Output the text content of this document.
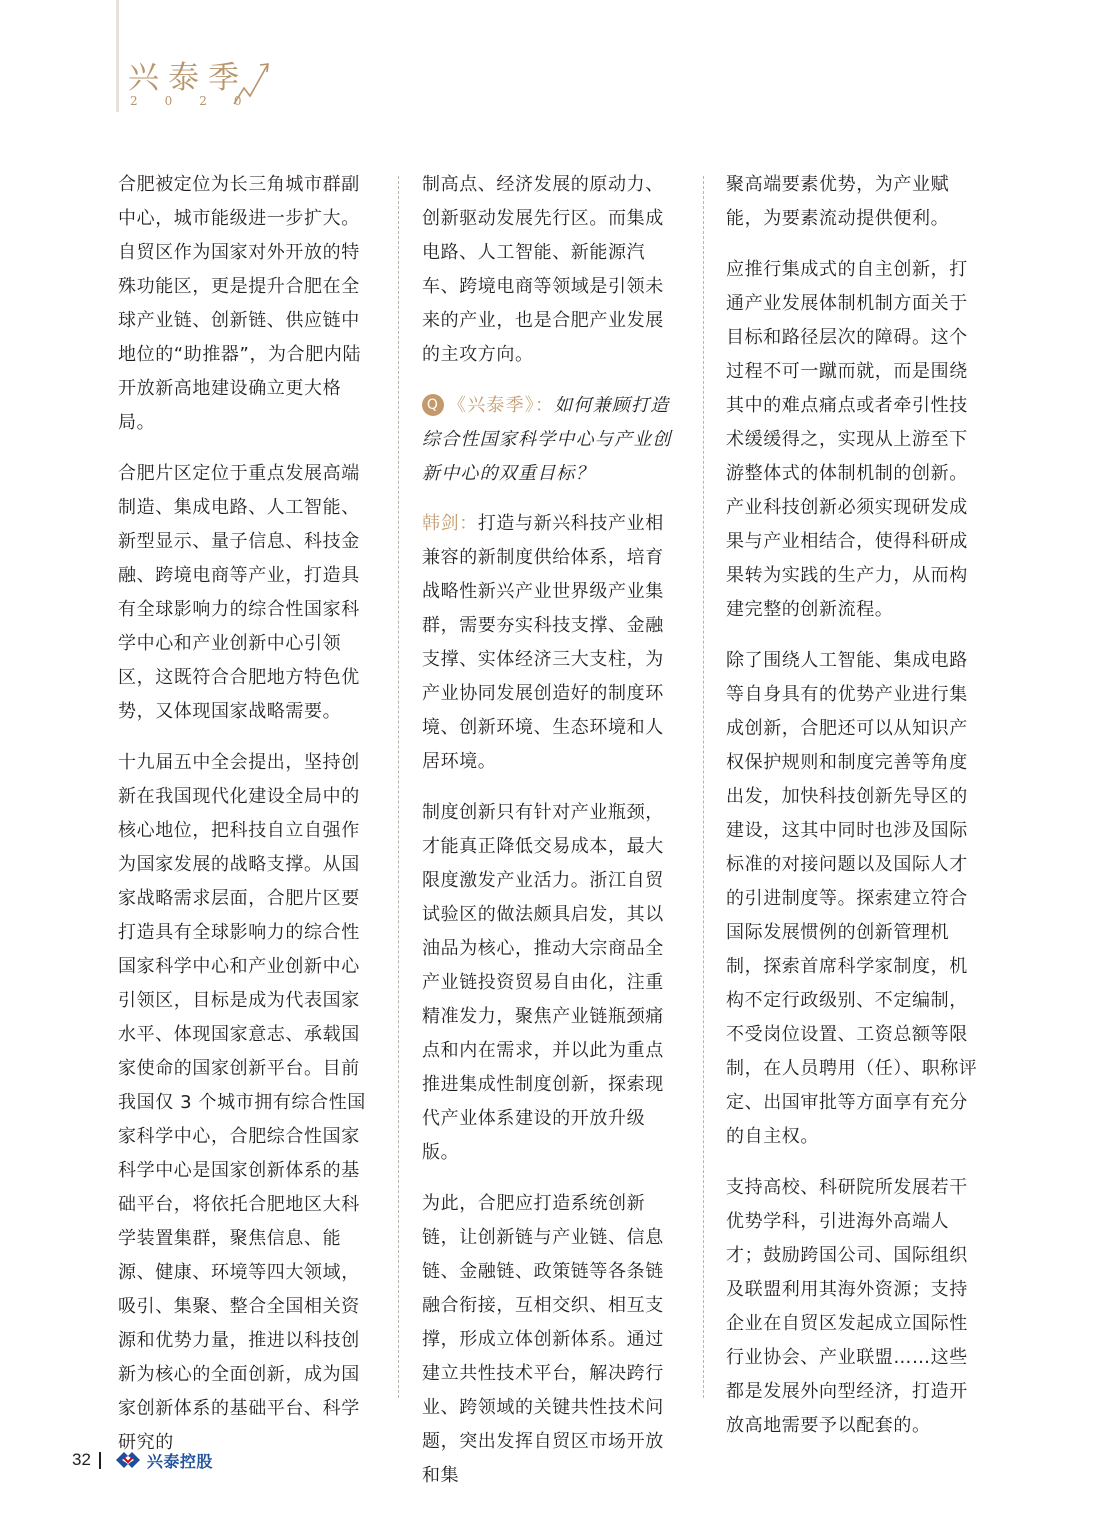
兴泰季
2020

合肥被定位为长三角城市群副中心，城市能级进一步扩大。自贸区作为国家对外开放的特殊功能区，更是提升合肥在全球产业链、创新链、供应链中地位的“助推器”，为合肥内陆开放新高地建设确立更大格局。

合肥片区定位于重点发展高端制造、集成电路、人工智能、新型显示、量子信息、科技金融、跨境电商等产业，打造具有全球影响力的综合性国家科学中心和产业创新中心引领区，这既符合合肥地方特色优势，又体现国家战略需要。

十九届五中全会提出，坚持创新在我国现代化建设全局中的核心地位，把科技自立自强作为国家发展的战略支撑。从国家战略需求层面，合肥片区要打造具有全球影响力的综合性国家科学中心和产业创新中心引领区，目标是成为代表国家水平、体现国家意志、承载国家使命的国家创新平台。目前我国仅 3 个城市拥有综合性国家科学中心，合肥综合性国家科学中心是国家创新体系的基础平台，将依托合肥地区大科学装置集群，聚焦信息、能源、健康、环境等四大领域，吸引、集聚、整合全国相关资源和优势力量，推进以科技创新为核心的全面创新，成为国家创新体系的基础平台、科学研究的

制高点、经济发展的原动力、创新驱动发展先行区。而集成电路、人工智能、新能源汽车、跨境电商等领域是引领未来的产业，也是合肥产业发展的主攻方向。

Q 《兴泰季》：如何兼顾打造综合性国家科学中心与产业创新中心的双重目标？

韩剑：打造与新兴科技产业相兼容的新制度供给体系，培育战略性新兴产业世界级产业集群，需要夯实科技支撑、金融支撑、实体经济三大支柱，为产业协同发展创造好的制度环境、创新环境、生态环境和人居环境。

制度创新只有针对产业瓶颈，才能真正降低交易成本，最大限度激发产业活力。浙江自贸试验区的做法颇具启发，其以油品为核心，推动大宗商品全产业链投资贸易自由化，注重精准发力，聚焦产业链瓶颈痛点和内在需求，并以此为重点推进集成性制度创新，探索现代产业体系建设的开放升级版。

为此，合肥应打造系统创新链，让创新链与产业链、信息链、金融链、政策链等各条链融合衔接，互相交织、相互支撑，形成立体创新体系。通过建立共性技术平台，解决跨行业、跨领域的关键共性技术问题，突出发挥自贸区市场开放和集

聚高端要素优势，为产业赋能，为要素流动提供便利。

应推行集成式的自主创新，打通产业发展体制机制方面关于目标和路径层次的障碍。这个过程不可一蹴而就，而是围绕其中的难点痛点或者牵引性技术缓缓得之，实现从上游至下游整体式的体制机制的创新。产业科技创新必须实现研发成果与产业相结合，使得科研成果转为实践的生产力，从而构建完整的创新流程。

除了围绕人工智能、集成电路等自身具有的优势产业进行集成创新，合肥还可以从知识产权保护规则和制度完善等角度出发，加快科技创新先导区的建设，这其中同时也涉及国际标准的对接问题以及国际人才的引进制度等。探索建立符合国际发展惯例的创新管理机制，探索首席科学家制度，机构不定行政级别、不定编制，不受岗位设置、工资总额等限制，在人员聘用（任）、职称评定、出国审批等方面享有充分的自主权。

支持高校、科研院所发展若干优势学科，引进海外高端人才；鼓励跨国公司、国际组织及联盟利用其海外资源；支持企业在自贸区发起成立国际性行业协会、产业联盟……这些都是发展外向型经济，打造开放高地需要予以配套的。

32	兴泰控股
